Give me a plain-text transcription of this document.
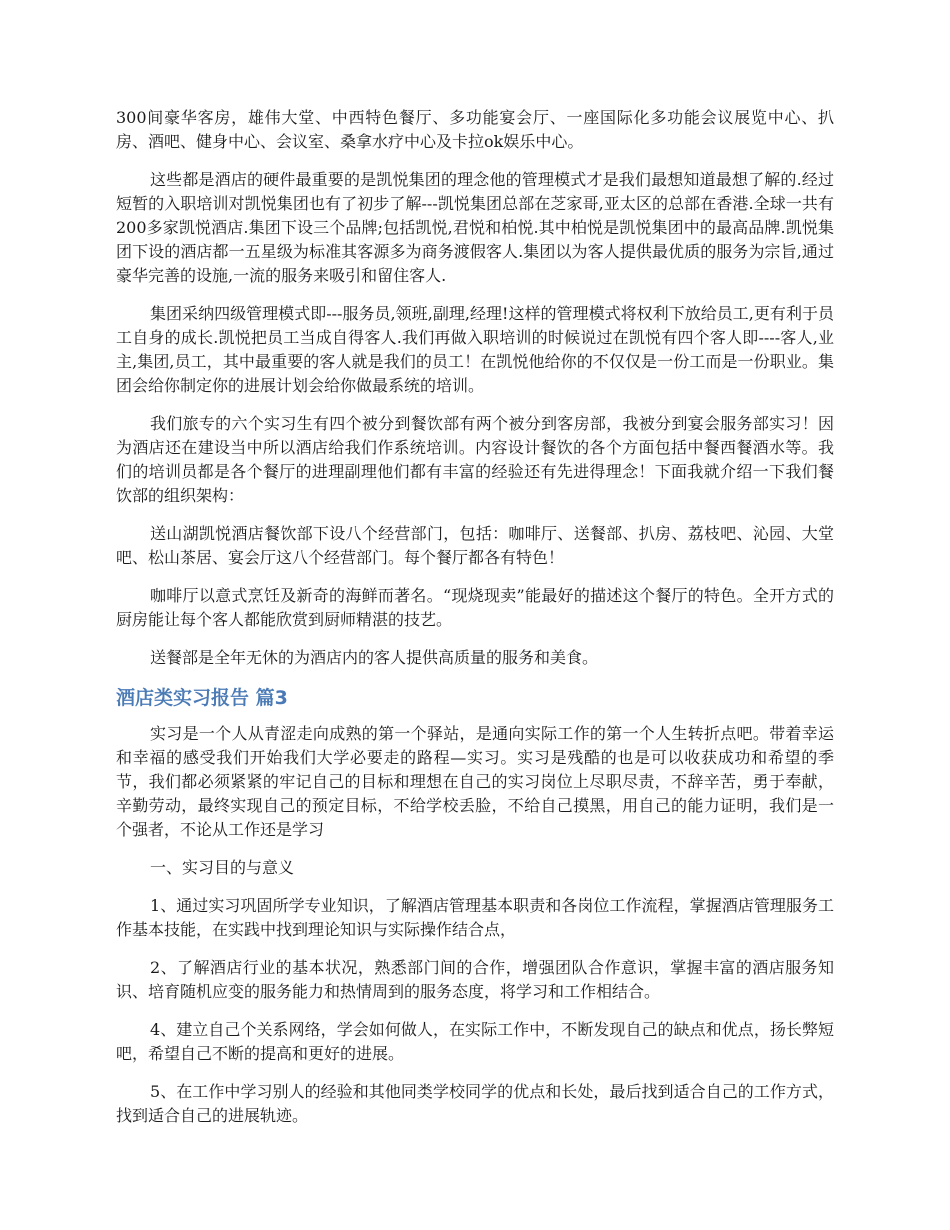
300间豪华客房，雄伟大堂、中西特色餐厅、多功能宴会厅、一座国际化多功能会议展览中心、扒房、酒吧、健身中心、会议室、桑拿水疗中心及卡拉ok娱乐中心。

这些都是酒店的硬件最重要的是凯悦集团的理念他的管理模式才是我们最想知道最想了解的.经过短暂的入职培训对凯悦集团也有了初步了解---凯悦集团总部在芝家哥,亚太区的总部在香港.全球一共有200多家凯悦酒店.集团下设三个品牌;包括凯悦,君悦和柏悦.其中柏悦是凯悦集团中的最高品牌.凯悦集团下设的酒店都一五星级为标准其客源多为商务渡假客人.集团以为客人提供最优质的服务为宗旨,通过豪华完善的设施,一流的服务来吸引和留住客人.

集团采纳四级管理模式即---服务员,领班,副理,经理!这样的管理模式将权利下放给员工,更有利于员工自身的成长.凯悦把员工当成自得客人.我们再做入职培训的时候说过在凯悦有四个客人即----客人,业主,集团,员工，其中最重要的客人就是我们的员工！在凯悦他给你的不仅仅是一份工而是一份职业。集团会给你制定你的进展计划会给你做最系统的培训。

我们旅专的六个实习生有四个被分到餐饮部有两个被分到客房部，我被分到宴会服务部实习！因为酒店还在建设当中所以酒店给我们作系统培训。内容设计餐饮的各个方面包括中餐西餐酒水等。我们的培训员都是各个餐厅的进理副理他们都有丰富的经验还有先进得理念！下面我就介绍一下我们餐饮部的组织架构：

送山湖凯悦酒店餐饮部下设八个经营部门，包括：咖啡厅、送餐部、扒房、荔枝吧、沁园、大堂吧、松山茶居、宴会厅这八个经营部门。每个餐厅都各有特色！

咖啡厅以意式烹饪及新奇的海鲜而著名。“现烧现卖”能最好的描述这个餐厅的特色。全开方式的厨房能让每个客人都能欣赏到厨师精湛的技艺。

送餐部是全年无休的为酒店内的客人提供高质量的服务和美食。

酒店类实习报告 篇3

实习是一个人从青涩走向成熟的第一个驿站，是通向实际工作的第一个人生转折点吧。带着幸运和幸福的感受我们开始我们大学必要走的路程—实习。实习是残酷的也是可以收获成功和希望的季节，我们都必须紧紧的牢记自己的目标和理想在自己的实习岗位上尽职尽责，不辞辛苦，勇于奉献，辛勤劳动，最终实现自己的预定目标，不给学校丢脸，不给自己摸黑，用自己的能力证明，我们是一个强者，不论从工作还是学习

一、实习目的与意义

1、通过实习巩固所学专业知识，了解酒店管理基本职责和各岗位工作流程，掌握酒店管理服务工作基本技能，在实践中找到理论知识与实际操作结合点，

2、了解酒店行业的基本状况，熟悉部门间的合作，增强团队合作意识，掌握丰富的酒店服务知识、培育随机应变的服务能力和热情周到的服务态度，将学习和工作相结合。

4、建立自己个关系网络，学会如何做人，在实际工作中，不断发现自己的缺点和优点，扬长弊短吧，希望自己不断的提高和更好的进展。

5、在工作中学习别人的经验和其他同类学校同学的优点和长处，最后找到适合自己的工作方式，找到适合自己的进展轨迹。
